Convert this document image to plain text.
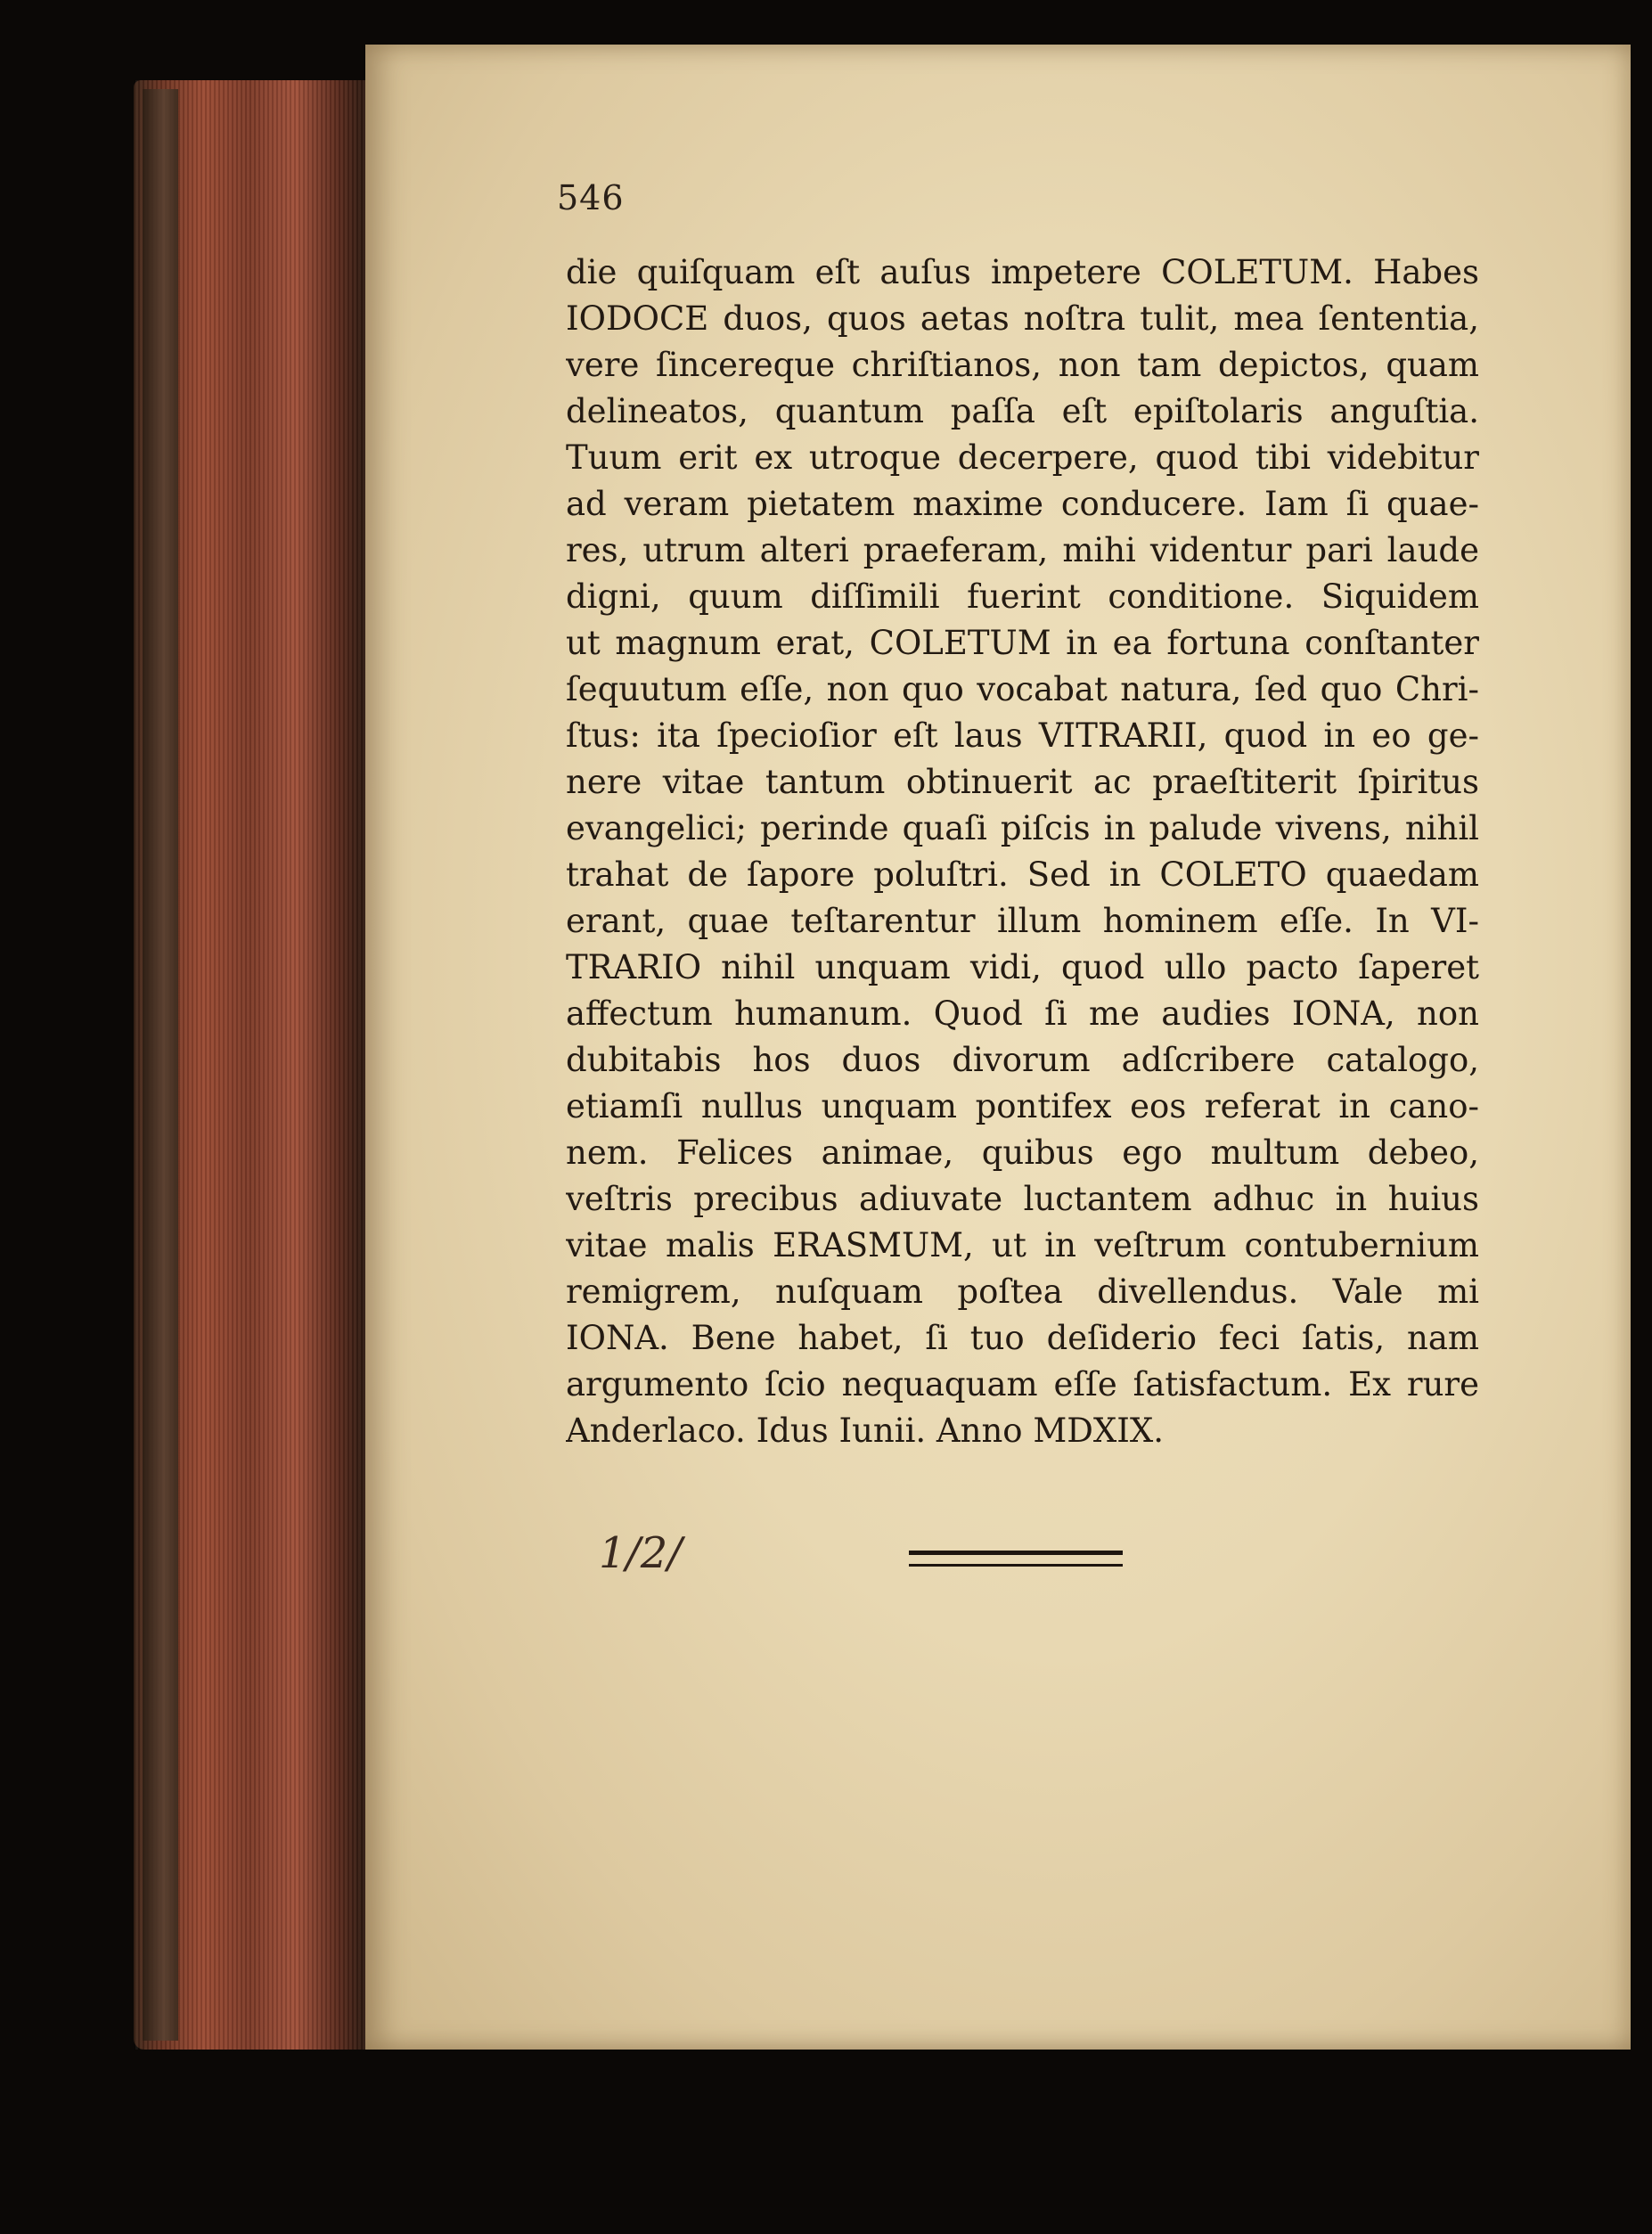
546

die quiſquam eſt auſus impetere COLETUM. Habes
IODOCE duos, quos aetas noſtra tulit, mea ſententia,
vere ſincereque chriſtianos, non tam depictos, quam
delineatos, quantum paſſa eſt epiſtolaris anguſtia.
Tuum erit ex utroque decerpere, quod tibi videbitur
ad veram pietatem maxime conducere. Iam ſi quae-
res, utrum alteri praeferam, mihi videntur pari laude
digni, quum diſſimili fuerint conditione. Siquidem
ut magnum erat, COLETUM in ea fortuna conſtanter
ſequutum eſſe, non quo vocabat natura, ſed quo Chri-
ſtus: ita ſpecioſior eſt laus VITRARII, quod in eo ge-
nere vitae tantum obtinuerit ac praeſtiterit ſpiritus
evangelici; perinde quaſi piſcis in palude vivens, nihil
trahat de ſapore poluſtri. Sed in COLETO quaedam
erant, quae teſtarentur illum hominem eſſe. In VI-
TRARIO nihil unquam vidi, quod ullo pacto ſaperet
affectum humanum. Quod ſi me audies IONA, non
dubitabis hos duos divorum adſcribere catalogo,
etiamſi nullus unquam pontifex eos referat in cano-
nem. Felices animae, quibus ego multum debeo,
veſtris precibus adiuvate luctantem adhuc in huius
vitae malis ERASMUM, ut in veſtrum contubernium
remigrem, nuſquam poſtea divellendus. Vale mi
IONA. Bene habet, ſi tuo deſiderio feci ſatis, nam
argumento ſcio nequaquam eſſe ſatisfactum. Ex rure
Anderlaco. Idus Iunii. Anno MDXIX.

1/2/
